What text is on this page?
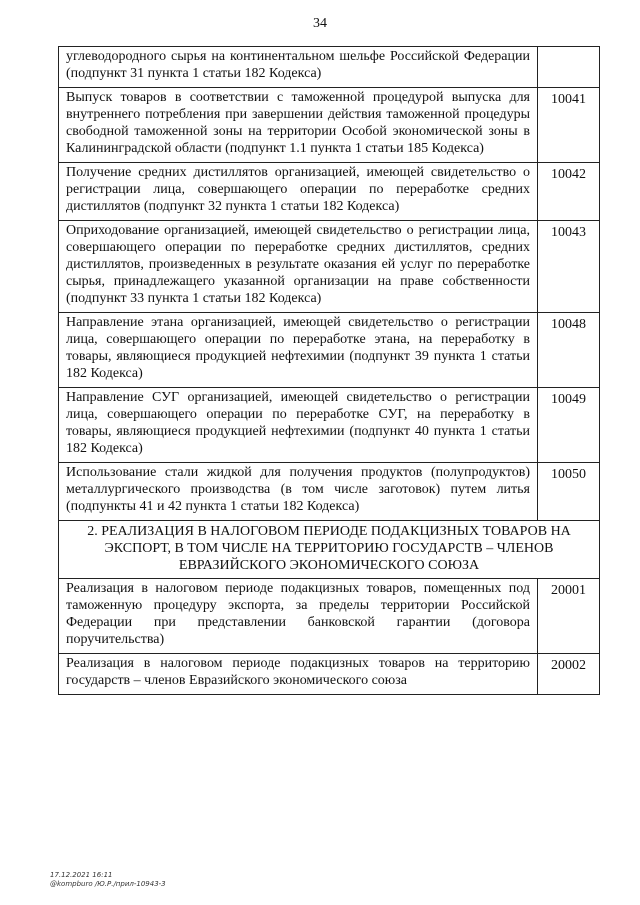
34
углеводородного сырья на континентальном шельфе Российской Федерации (подпункт 31 пункта 1 статьи 182 Кодекса)	
Выпуск товаров в соответствии с таможенной процедурой выпуска для внутреннего потребления при завершении действия таможенной процедуры свободной таможенной зоны на территории Особой экономической зоны в Калининградской области (подпункт 1.1 пункта 1 статьи 185 Кодекса)	10041
Получение средних дистиллятов организацией, имеющей свидетельство о регистрации лица, совершающего операции по переработке средних дистиллятов (подпункт 32 пункта 1 статьи 182 Кодекса)	10042
Оприходование организацией, имеющей свидетельство о регистрации лица, совершающего операции по переработке средних дистиллятов, средних дистиллятов, произведенных в результате оказания ей услуг по переработке сырья, принадлежащего указанной организации на праве собственности (подпункт 33 пункта 1 статьи 182 Кодекса)	10043
Направление этана организацией, имеющей свидетельство о регистрации лица, совершающего операции по переработке этана, на переработку в товары, являющиеся продукцией нефтехимии (подпункт 39 пункта 1 статьи 182 Кодекса)	10048
Направление СУГ организацией, имеющей свидетельство о регистрации лица, совершающего операции по переработке СУГ, на переработку в товары, являющиеся продукцией нефтехимии (подпункт 40 пункта 1 статьи 182 Кодекса)	10049
Использование стали жидкой для получения продуктов (полупродуктов) металлургического производства (в том числе заготовок) путем литья (подпункты 41 и 42 пункта 1 статьи 182 Кодекса)	10050
2. РЕАЛИЗАЦИЯ В НАЛОГОВОМ ПЕРИОДЕ ПОДАКЦИЗНЫХ ТОВАРОВ НА ЭКСПОРТ, В ТОМ ЧИСЛЕ НА ТЕРРИТОРИЮ ГОСУДАРСТВ – ЧЛЕНОВ ЕВРАЗИЙСКОГО ЭКОНОМИЧЕСКОГО СОЮЗА	
Реализация в налоговом периоде подакцизных товаров, помещенных под таможенную процедуру экспорта, за пределы территории Российской Федерации при представлении банковской гарантии (договора поручительства)	20001
Реализация в налоговом периоде подакцизных товаров на территорию государств – членов Евразийского экономического союза	20002
17.12.2021 16:11
@kompburo /Ю.Р./прил-10943-3
